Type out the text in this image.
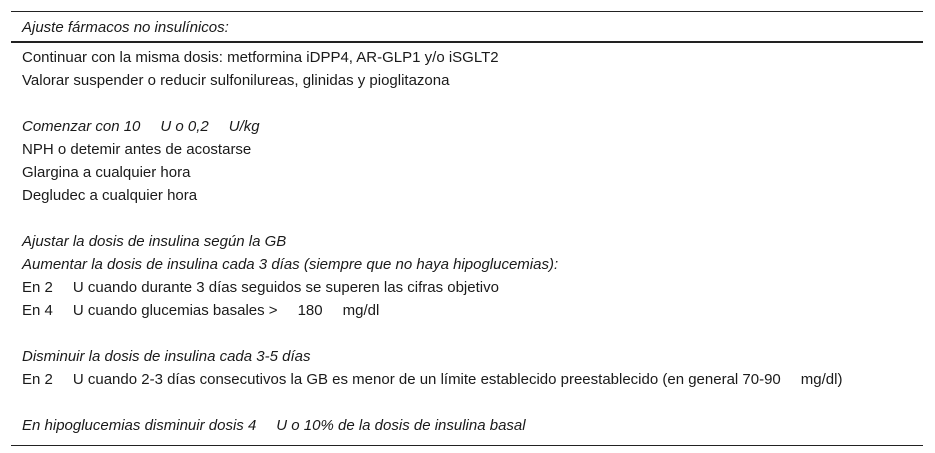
Ajuste fármacos no insulínicos:
Continuar con la misma dosis: metformina iDPP4, AR-GLP1 y/o iSGLT2
Valorar suspender o reducir sulfonilureas, glinidas y pioglitazona
Comenzar con 10 U o 0,2 U/kg
NPH o detemir antes de acostarse
Glargina a cualquier hora
Degludec a cualquier hora
Ajustar la dosis de insulina según la GB
Aumentar la dosis de insulina cada 3 días (siempre que no haya hipoglucemias):
En 2 U cuando durante 3 días seguidos se superen las cifras objetivo
En 4 U cuando glucemias basales > 180 mg/dl
Disminuir la dosis de insulina cada 3-5 días
En 2 U cuando 2-3 días consecutivos la GB es menor de un límite establecido preestablecido (en general 70-90 mg/dl)
En hipoglucemias disminuir dosis 4 U o 10% de la dosis de insulina basal
